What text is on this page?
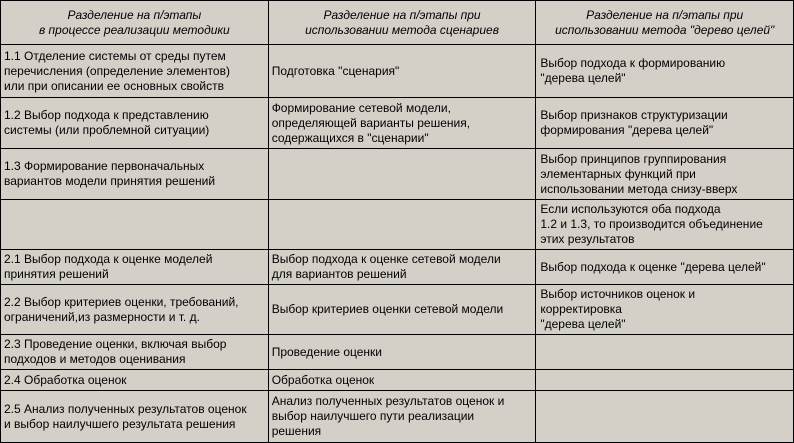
Разделение на п/этапы
в процессе реализации методики	Разделение на п/этапы при
использовании метода сценариев	Разделение на п/этапы при
использовании метода "дерево целей"
1.1 Отделение системы от среды путем
перечисления (определение элементов)
или при описании ее основных свойств	Подготовка "сценария"	Выбор подхода к формированию
"дерева целей"
1.2 Выбор подхода к представлению
системы (или проблемной ситуации)	Формирование сетевой модели,
определяющей варианты решения,
содержащихся в "сценарии"	Выбор признаков структуризации
формирования "дерева целей"
1.3 Формирование первоначальных
вариантов модели принятия решений		Выбор принципов группирования
элементарных функций при
использовании метода снизу-вверх
		Если используются оба подхода
1.2 и 1.3, то производится объединение
этих результатов
2.1 Выбор подхода к оценке моделей
принятия решений	Выбор подхода к оценке сетевой модели
для вариантов решений	Выбор подхода к оценке "дерева целей"
2.2 Выбор критериев оценки, требований,
ограничений,из размерности и т. д.	Выбор критериев оценки сетевой модели	Выбор источников оценок и
корректировка
"дерева целей"
2.3 Проведение оценки, включая выбор
подходов и методов оценивания	Проведение оценки	
2.4 Обработка оценок	Обработка оценок	
2.5 Анализ полученных результатов оценок
и выбор наилучшего результата решения	Анализ полученных результатов оценок и
выбор наилучшего пути реализации
решения	
